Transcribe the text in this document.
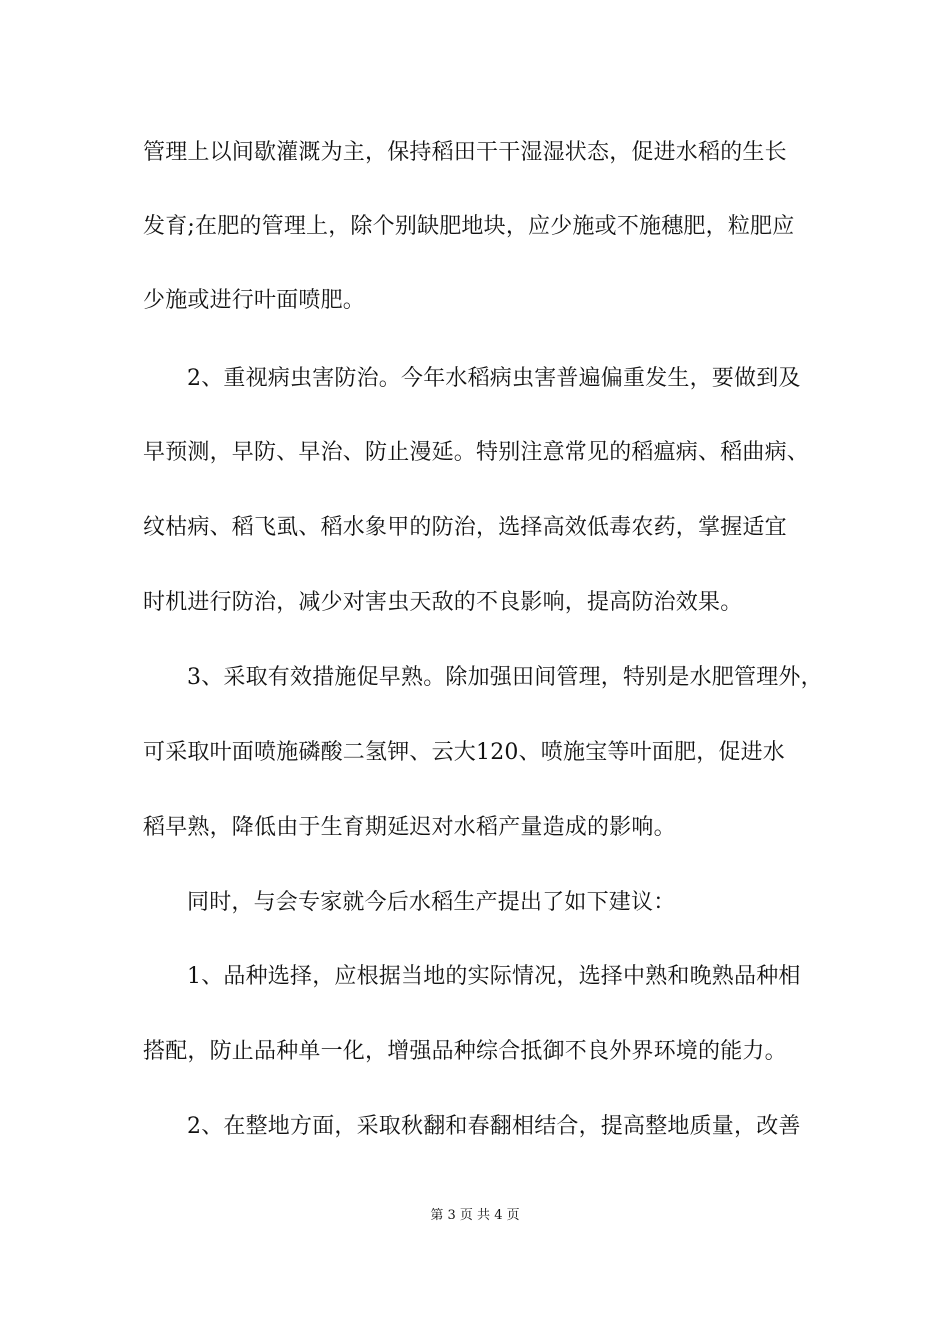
管理上以间歇灌溉为主，保持稻田干干湿湿状态，促进水稻的生长
发育;在肥的管理上，除个别缺肥地块，应少施或不施穗肥，粒肥应
少施或进行叶面喷肥。
2、重视病虫害防治。今年水稻病虫害普遍偏重发生，要做到及
早预测，早防、早治、防止漫延。特别注意常见的稻瘟病、稻曲病、
纹枯病、稻飞虱、稻水象甲的防治，选择高效低毒农药，掌握适宜
时机进行防治，减少对害虫天敌的不良影响，提高防治效果。
3、采取有效措施促早熟。除加强田间管理，特别是水肥管理外，
可采取叶面喷施磷酸二氢钾、云大120、喷施宝等叶面肥，促进水
稻早熟，降低由于生育期延迟对水稻产量造成的影响。
同时，与会专家就今后水稻生产提出了如下建议：
1、品种选择，应根据当地的实际情况，选择中熟和晚熟品种相
搭配，防止品种单一化，增强品种综合抵御不良外界环境的能力。
2、在整地方面，采取秋翻和春翻相结合，提高整地质量，改善
第 3 页 共 4 页
